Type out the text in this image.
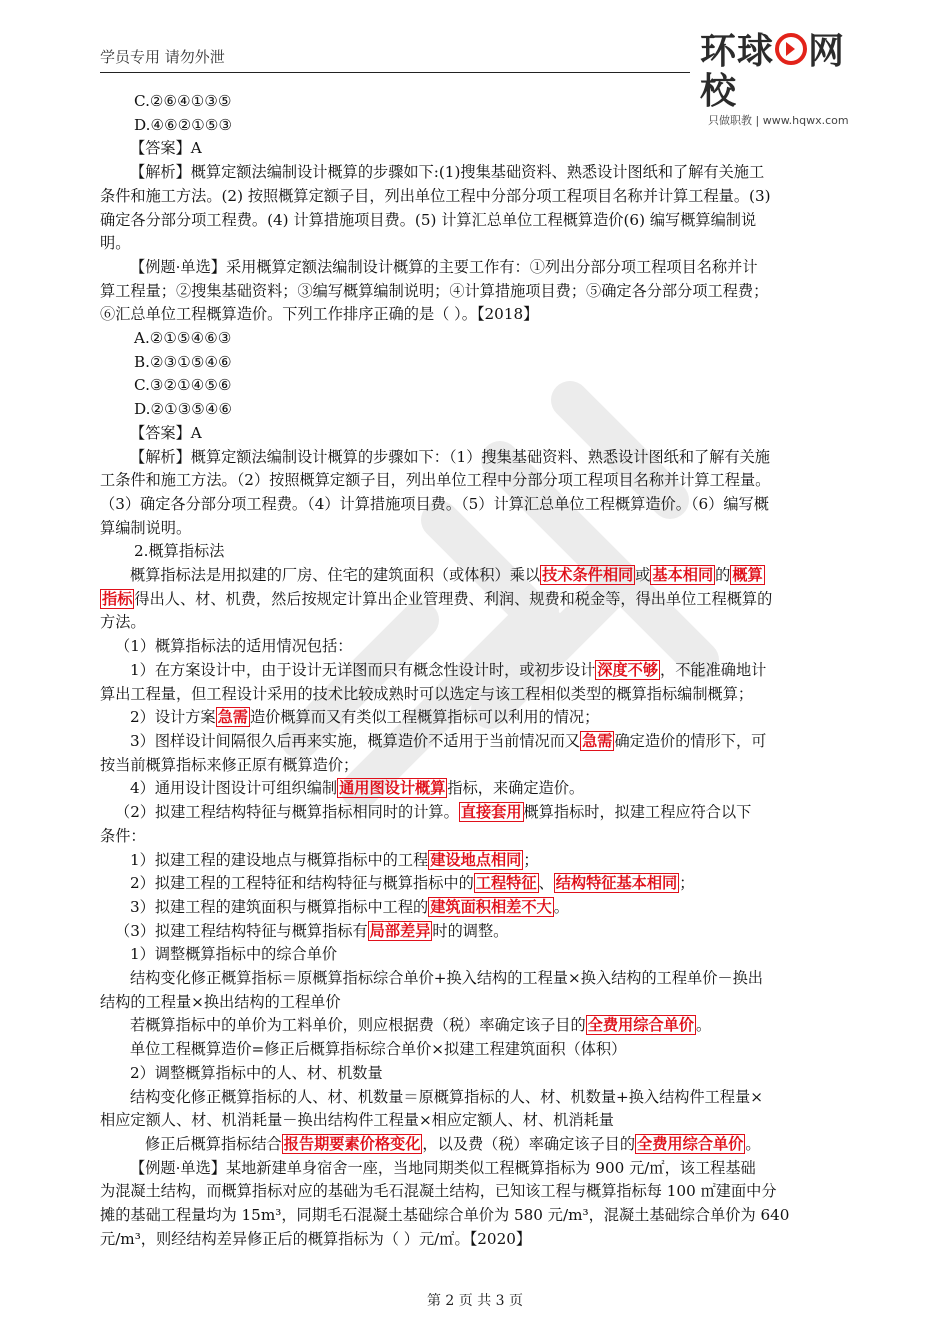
学员专用 请勿外泄	环球 网校
只做职教 | www.hqwx.com

C.②⑥④①③⑤

D.④⑥②①⑤③

【答案】A

【解析】概算定额法编制设计概算的步骤如下:(1)搜集基础资料、熟悉设计图纸和了解有关施工

条件和施工方法。(2) 按照概算定额子目，列出单位工程中分部分项工程项目名称并计算工程量。(3)

确定各分部分项工程费。(4) 计算措施项目费。(5) 计算汇总单位工程概算造价(6) 编写概算编制说

明。

【例题·单选】采用概算定额法编制设计概算的主要工作有：①列出分部分项工程项目名称并计

算工程量；②搜集基础资料；③编写概算编制说明；④计算措施项目费；⑤确定各分部分项工程费；

⑥汇总单位工程概算造价。下列工作排序正确的是（ ）。【2018】

A.②①⑤④⑥③

B.②③①⑤④⑥

C.③②①④⑤⑥

D.②①③⑤④⑥

【答案】A

【解析】概算定额法编制设计概算的步骤如下：（1）搜集基础资料、熟悉设计图纸和了解有关施

工条件和施工方法。（2）按照概算定额子目，列出单位工程中分部分项工程项目名称并计算工程量。

（3）确定各分部分项工程费。（4）计算措施项目费。（5）计算汇总单位工程概算造价。（6）编写概

算编制说明。

2.概算指标法

概算指标法是用拟建的厂房、住宅的建筑面积（或体积）乘以 技术条件相同 或 基本相同 的 概算

指标 得出人、材、机费，然后按规定计算出企业管理费、利润、规费和税金等，得出单位工程概算的

方法。

（1）概算指标法的适用情况包括：

1）在方案设计中，由于设计无详图而只有概念性设计时，或初步设计 深度不够 ，不能准确地计

算出工程量，但工程设计采用的技术比较成熟时可以选定与该工程相似类型的概算指标编制概算；

2）设计方案 急需 造价概算而又有类似工程概算指标可以利用的情况；

3）图样设计间隔很久后再来实施，概算造价不适用于当前情况而又 急需 确定造价的情形下，可

按当前概算指标来修正原有概算造价；

4）通用设计图设计可组织编制 通用图设计概算 指标，来确定造价。

（2）拟建工程结构特征与概算指标相同时的计算。 直接套用 概算指标时，拟建工程应符合以下

条件：

1）拟建工程的建设地点与概算指标中的工程 建设地点相同 ；

2）拟建工程的工程特征和结构特征与概算指标中的 工程特征 、 结构特征基本相同 ；

3）拟建工程的建筑面积与概算指标中工程的 建筑面积相差不大 。

（3）拟建工程结构特征与概算指标有 局部差异 时的调整。

1）调整概算指标中的综合单价

结构变化修正概算指标＝原概算指标综合单价+换入结构的工程量×换入结构的工程单价－换出

结构的工程量×换出结构的工程单价

若概算指标中的单价为工料单价，则应根据费（税）率确定该子目的 全费用综合单价 。

单位工程概算造价=修正后概算指标综合单价×拟建工程建筑面积（体积）

2）调整概算指标中的人、材、机数量

结构变化修正概算指标的人、材、机数量＝原概算指标的人、材、机数量+换入结构件工程量×

相应定额人、材、机消耗量－换出结构件工程量×相应定额人、材、机消耗量

修正后概算指标结合 报告期要素价格变化 ，以及费（税）率确定该子目的 全费用综合单价 。

【例题·单选】某地新建单身宿舍一座，当地同期类似工程概算指标为 900 元/㎡，该工程基础

为混凝土结构，而概算指标对应的基础为毛石混凝土结构，已知该工程与概算指标每 100 ㎡建面中分

摊的基础工程量均为 15m³，同期毛石混凝土基础综合单价为 580 元/m³，混凝土基础综合单价为 640

元/m³，则经结构差异修正后的概算指标为（ ）元/㎡。【2020】

第 2 页 共 3 页
